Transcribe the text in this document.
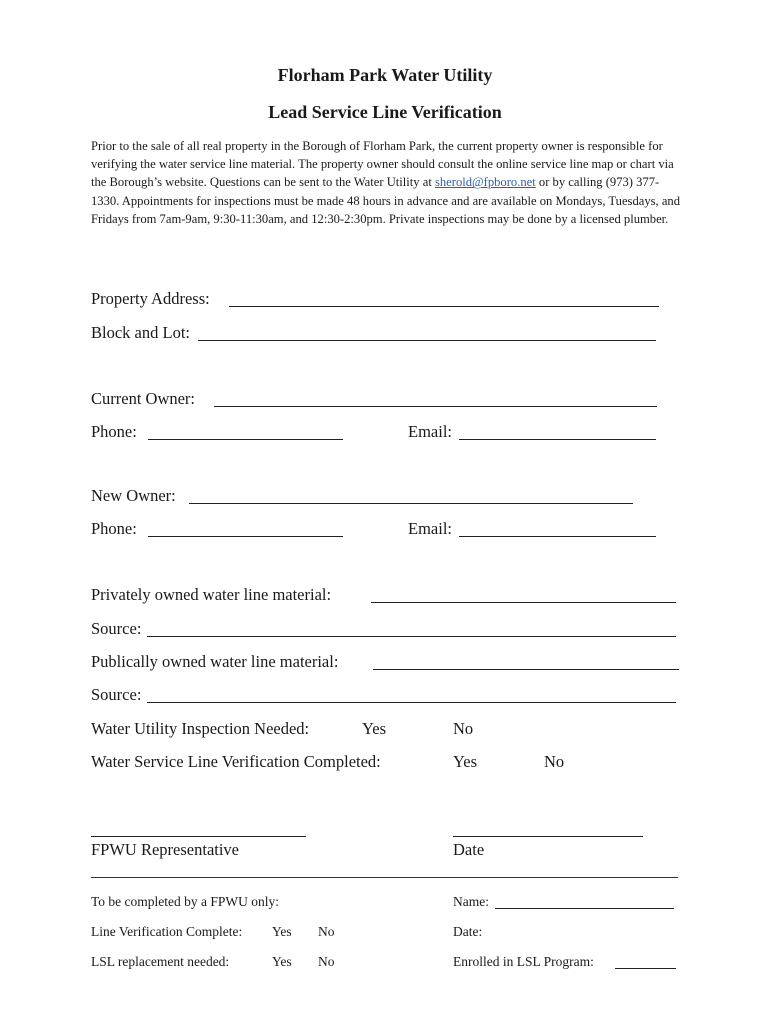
Florham Park Water Utility
Lead Service Line Verification
Prior to the sale of all real property in the Borough of Florham Park, the current property owner is responsible for verifying the water service line material. The property owner should consult the online service line map or chart via the Borough’s website. Questions can be sent to the Water Utility at sherold@fpboro.net or by calling (973) 377-1330. Appointments for inspections must be made 48 hours in advance and are available on Mondays, Tuesdays, and Fridays from 7am-9am, 9:30-11:30am, and 12:30-2:30pm. Private inspections may be done by a licensed plumber.
Property Address:
Block and Lot:
Current Owner:
Phone:	Email:
New Owner:
Phone:	Email:
Privately owned water line material:
Source:
Publically owned water line material:
Source:
Water Utility Inspection Needed:	Yes	No
Water Service Line Verification Completed:	Yes	No
FPWU Representative	Date
To be completed by a FPWU only:	Name:
Line Verification Complete: Yes No	Date:
LSL replacement needed:	Yes No	Enrolled in LSL Program:
